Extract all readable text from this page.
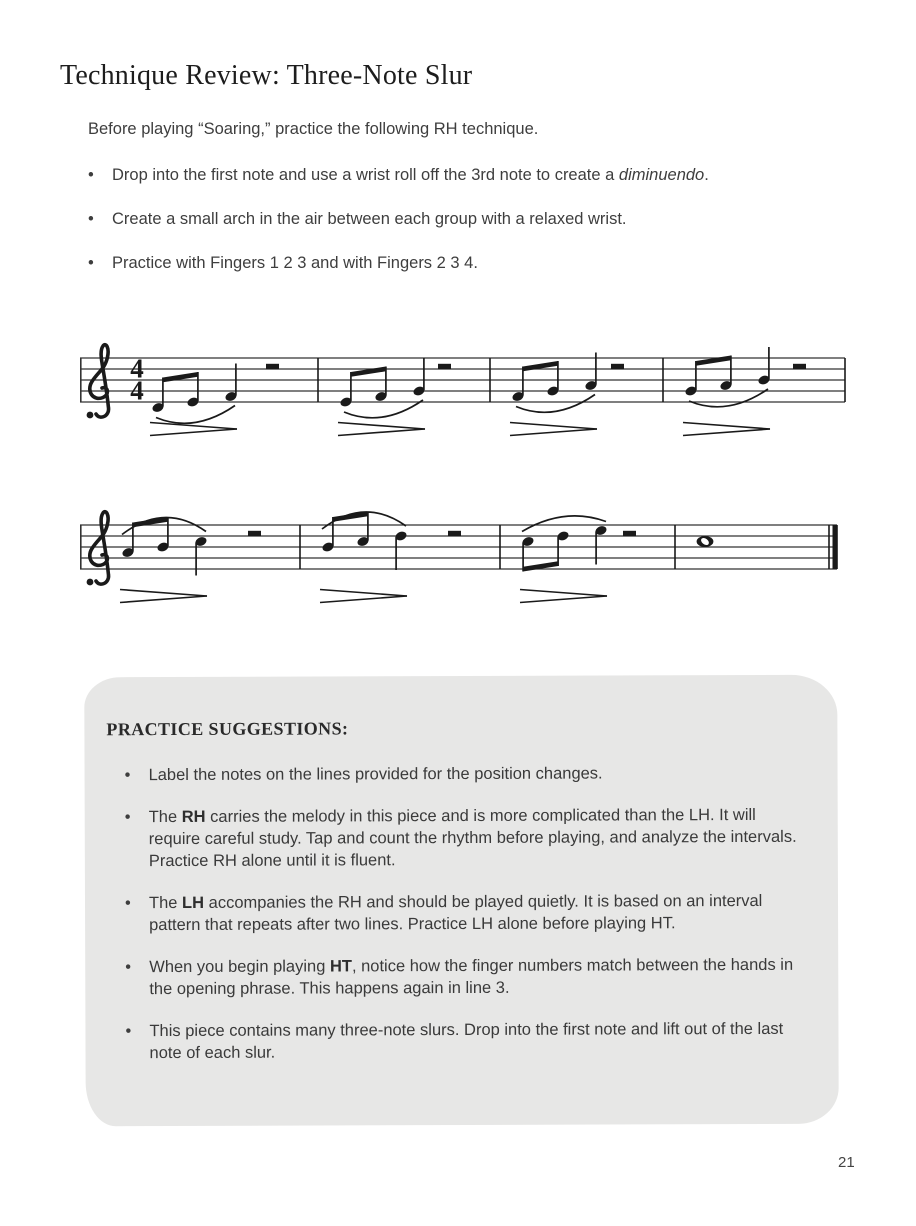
Technique Review: Three-Note Slur

Before playing “Soaring,” practice the following RH technique.

•	Drop into the first note and use a wrist roll off the 3rd note to create a diminuendo.
•	Create a small arch in the air between each group with a relaxed wrist.
•	Practice with Fingers 1 2 3 and with Fingers 2 3 4.
4
4
PRACTICE SUGGESTIONS:
•	Label the notes on the lines provided for the position changes.
•	The RH carries the melody in this piece and is more complicated than the LH. It will require careful study. Tap and count the rhythm before playing, and analyze the intervals. Practice RH alone until it is fluent.
•	The LH accompanies the RH and should be played quietly. It is based on an interval pattern that repeats after two lines. Practice LH alone before playing HT.
•	When you begin playing HT, notice how the finger numbers match between the hands in the opening phrase. This happens again in line 3.
•	This piece contains many three-note slurs. Drop into the first note and lift out of the last note of each slur.
21
